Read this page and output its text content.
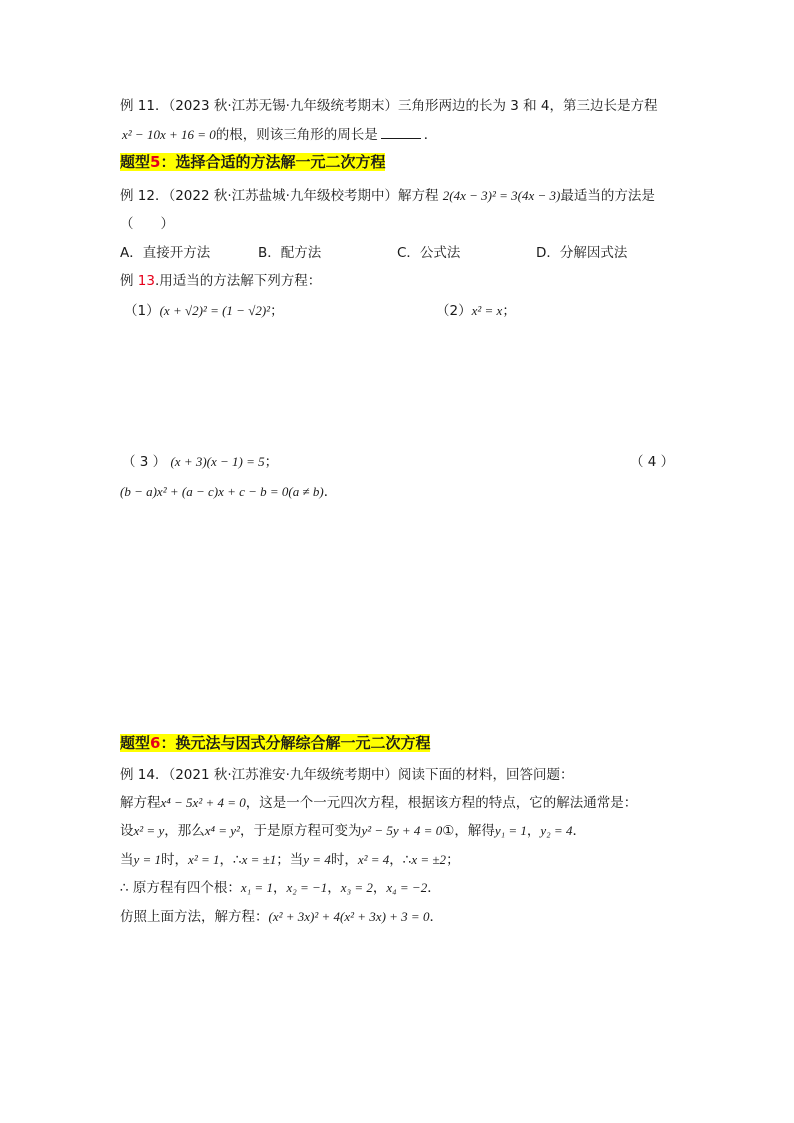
例 11．（2023 秋·江苏无锡·九年级统考期末）三角形两边的长为 3 和 4，第三边长是方程
x² − 10x + 16 = 0的根，则该三角形的周长是	．
题型5：选择合适的方法解一元二次方程
例 12．（2022 秋·江苏盐城·九年级校考期中）解方程 2(4x − 3)² = 3(4x − 3)最适当的方法是
（　　）
A．直接开方法	B．配方法	C．公式法	D．分解因式法
例 13.用适当的方法解下列方程：
（1）(x + √2)² = (1 − √2)²；	（2）x² = x；
（ 3 ） (x + 3)(x − 1) = 5；	（ 4 ）
(b − a)x² + (a − c)x + c − b = 0(a ≠ b)．
题型6：换元法与因式分解综合解一元二次方程
例 14．（2021 秋·江苏淮安·九年级统考期中）阅读下面的材料，回答问题：
解方程x⁴ − 5x² + 4 = 0，这是一个一元四次方程，根据该方程的特点，它的解法通常是：
设x² = y，那么x⁴ = y²，于是原方程可变为y² − 5y + 4 = 0①，解得y₁ = 1，y₂ = 4．
当y = 1时，x² = 1，∴x = ±1；当y = 4时，x² = 4，∴x = ±2；
∴ 原方程有四个根：x₁ = 1，x₂ = −1，x₃ = 2，x₄ = −2．
仿照上面方法，解方程：(x² + 3x)² + 4(x² + 3x) + 3 = 0．
